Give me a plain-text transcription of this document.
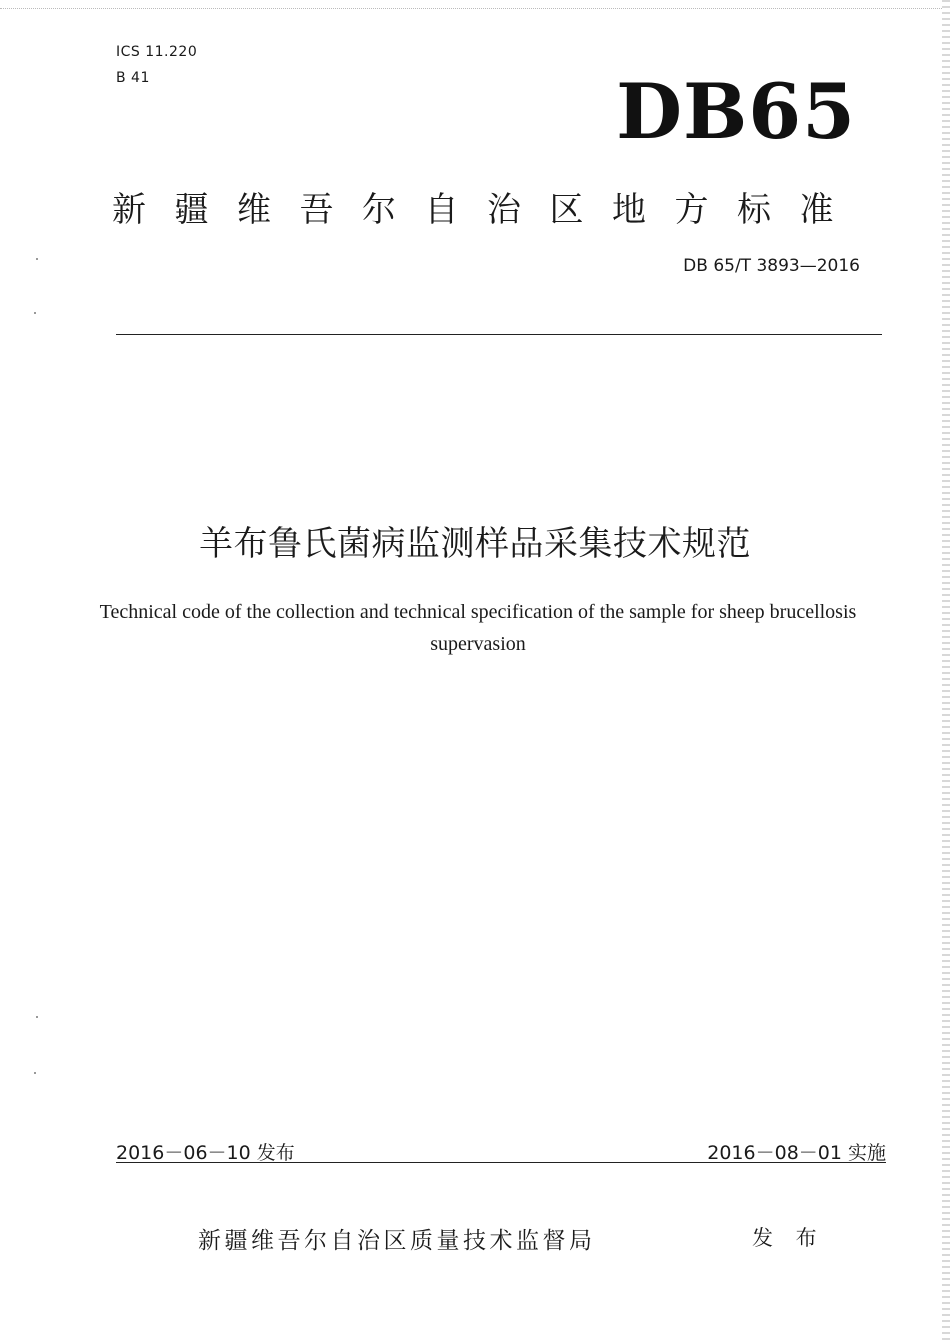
ICS 11.220
B 41	DB65
新疆维吾尔自治区地方标准
DB 65/T 3893—2016
羊布鲁氏菌病监测样品采集技术规范
Technical code of the collection and technical specification of the sample for sheep brucellosis supervasion
2016－06－10 发布	2016－08－01 实施
新疆维吾尔自治区质量技术监督局	发 布
